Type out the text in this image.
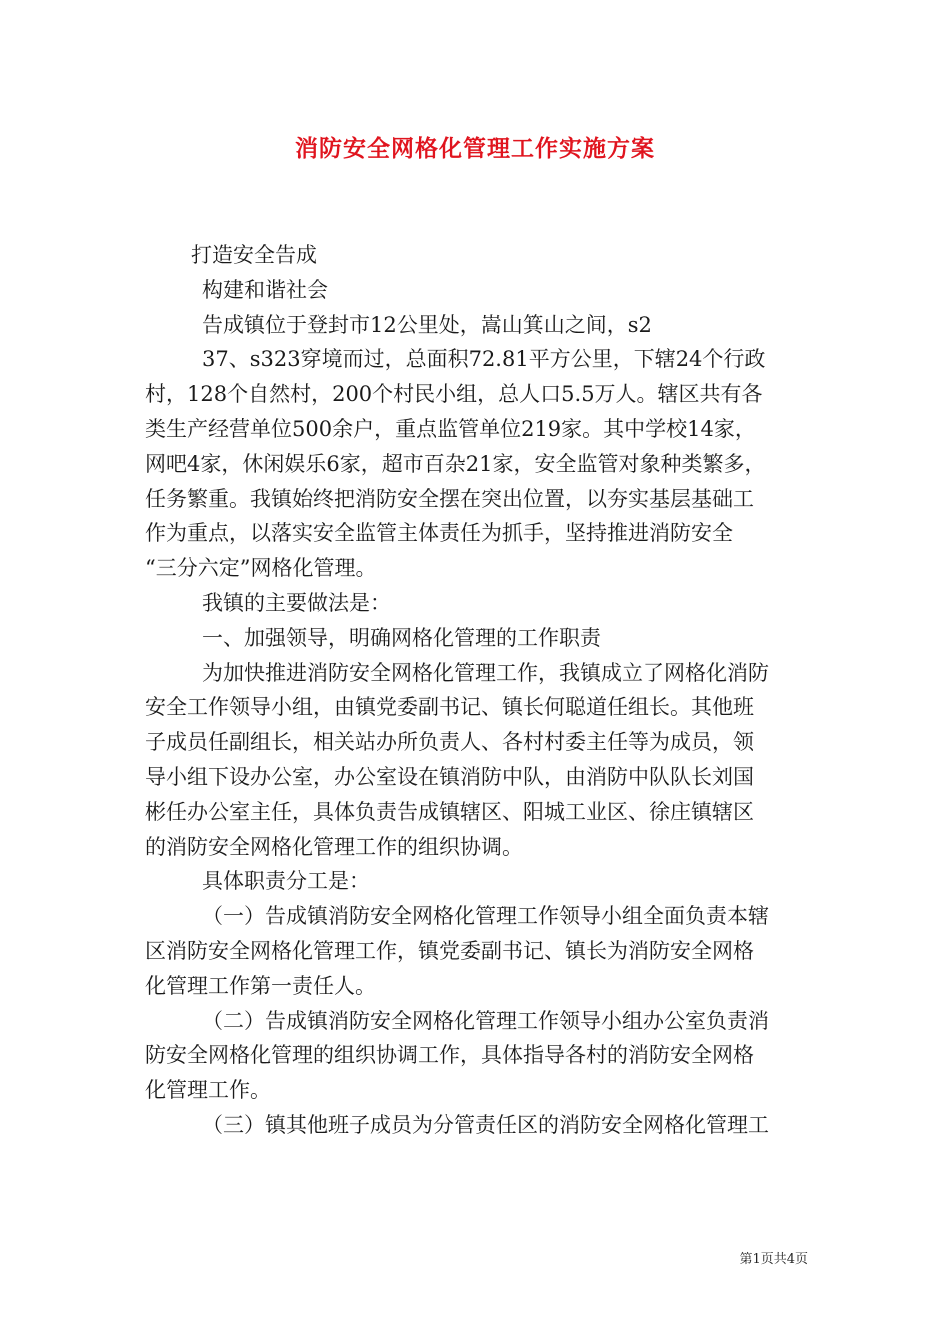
消防安全网格化管理工作实施方案

打造安全告成

构建和谐社会

告成镇位于登封市12公里处，嵩山箕山之间，s2

37、s323穿境而过，总面积72.81平方公里，下辖24个行政

村，128个自然村，200个村民小组，总人口5.5万人。辖区共有各

类生产经营单位500余户，重点监管单位219家。其中学校14家，

网吧4家，休闲娱乐6家，超市百杂21家，安全监管对象种类繁多，

任务繁重。我镇始终把消防安全摆在突出位置，以夯实基层基础工

作为重点，以落实安全监管主体责任为抓手，坚持推进消防安全

“三分六定”网格化管理。

我镇的主要做法是：

一、加强领导，明确网格化管理的工作职责

为加快推进消防安全网格化管理工作，我镇成立了网格化消防

安全工作领导小组，由镇党委副书记、镇长何聪道任组长。其他班

子成员任副组长，相关站办所负责人、各村村委主任等为成员，领

导小组下设办公室，办公室设在镇消防中队，由消防中队队长刘国

彬任办公室主任，具体负责告成镇辖区、阳城工业区、徐庄镇辖区

的消防安全网格化管理工作的组织协调。

具体职责分工是：

（一）告成镇消防安全网格化管理工作领导小组全面负责本辖

区消防安全网格化管理工作，镇党委副书记、镇长为消防安全网格

化管理工作第一责任人。

（二）告成镇消防安全网格化管理工作领导小组办公室负责消

防安全网格化管理的组织协调工作，具体指导各村的消防安全网格

化管理工作。

（三）镇其他班子成员为分管责任区的消防安全网格化管理工

第1页共4页
